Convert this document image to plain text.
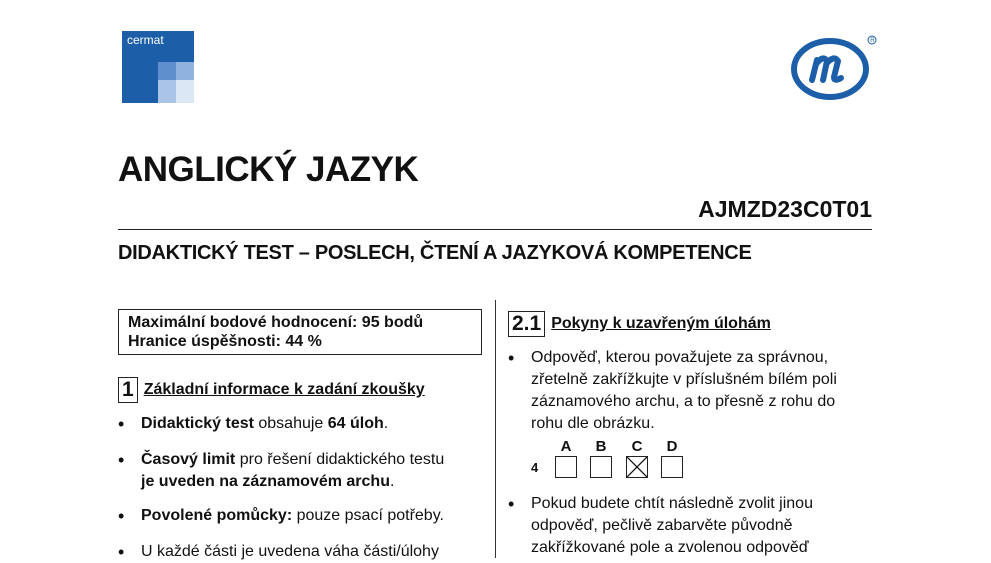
cermat	R
ANGLICKÝ JAZYK
AJMZD23C0T01
DIDAKTICKÝ TEST – POSLECH, ČTENÍ A JAZYKOVÁ KOMPETENCE
Maximální bodové hodnocení: 95 bodů
Hranice úspěšnosti: 44 %
1 Základní informace k zadání zkoušky
• Didaktický test obsahuje 64 úloh.
• Časový limit pro řešení didaktického testu
je uveden na záznamovém archu.
• Povolené pomůcky: pouze psací potřeby.
• U každé části je uvedena váha části/úlohy
2.1 Pokyny k uzavřeným úlohám
• Odpověď, kterou považujete za správnou,
zřetelně zakřížkujte v příslušném bílém poli
záznamového archu, a to přesně z rohu do
rohu dle obrázku.
4
A	B	C	D
• Pokud budete chtít následně zvolit jinou
odpověď, pečlivě zabarvěte původně
zakřížkované pole a zvolenou odpověď
